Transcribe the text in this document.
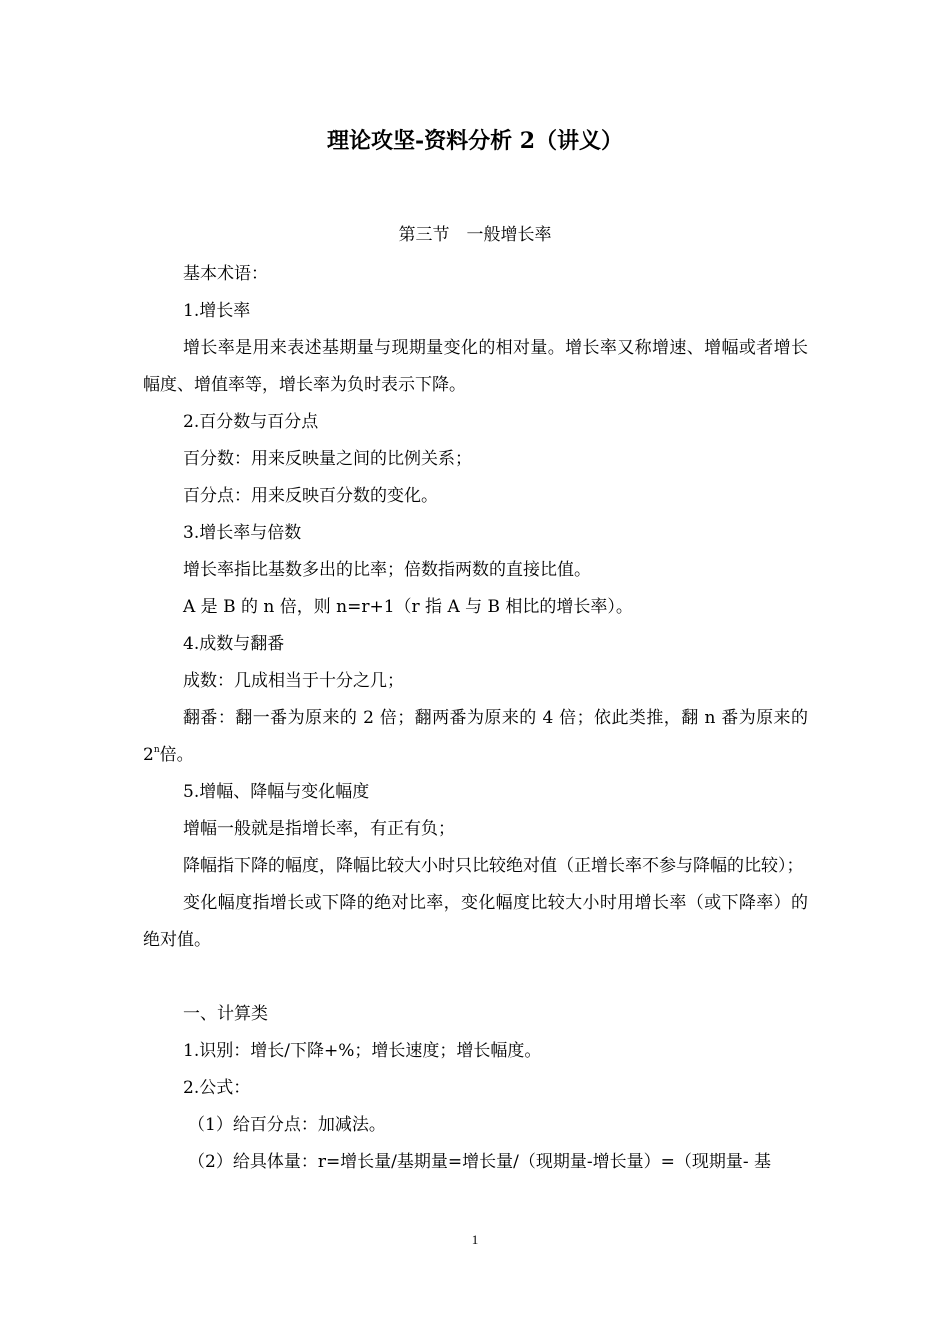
理论攻坚-资料分析 2（讲义）
第三节　一般增长率

基本术语：

1.增长率

增长率是用来表述基期量与现期量变化的相对量。增长率又称增速、增幅或者增长幅度、增值率等，增长率为负时表示下降。

2.百分数与百分点

百分数：用来反映量之间的比例关系；

百分点：用来反映百分数的变化。

3.增长率与倍数

增长率指比基数多出的比率；倍数指两数的直接比值。

A 是 B 的 n 倍，则 n=r+1（r 指 A 与 B 相比的增长率）。

4.成数与翻番

成数：几成相当于十分之几；

翻番：翻一番为原来的 2 倍；翻两番为原来的 4 倍；依此类推，翻 n 番为原来的 2$^n$倍。

5.增幅、降幅与变化幅度

增幅一般就是指增长率，有正有负；

降幅指下降的幅度，降幅比较大小时只比较绝对值（正增长率不参与降幅的比较）；

变化幅度指增长或下降的绝对比率，变化幅度比较大小时用增长率（或下降率）的绝对值。

一、计算类

1.识别：增长/下降+%；增长速度；增长幅度。

2.公式：

（1）给百分点：加减法。

（2）给具体量：r=增长量/基期量=增长量/（现期量-增长量）=（现期量- 基

1
